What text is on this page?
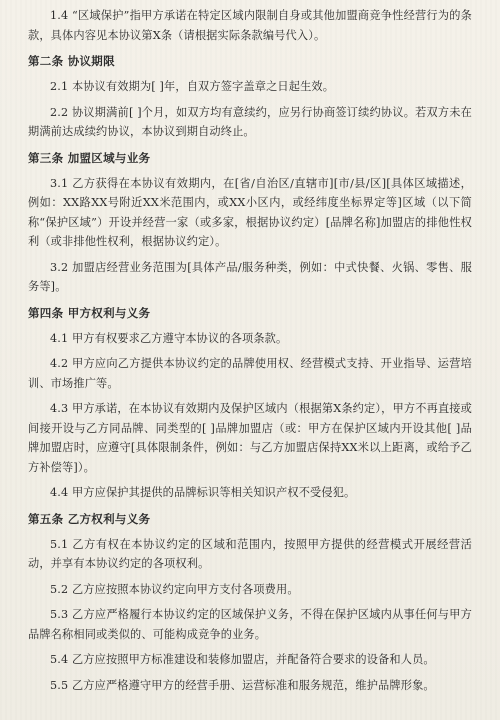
1.4 “区域保护”指甲方承诺在特定区域内限制自身或其他加盟商竞争性经营行为的条款，具体内容见本协议第X条（请根据实际条款编号代入）。

第二条 协议期限

2.1 本协议有效期为[ ]年，自双方签字盖章之日起生效。

2.2 协议期满前[ ]个月，如双方均有意续约，应另行协商签订续约协议。若双方未在期满前达成续约协议，本协议到期自动终止。

第三条 加盟区域与业务

3.1 乙方获得在本协议有效期内，在[省/自治区/直辖市][市/县/区][具体区域描述，例如：XX路XX号附近XX米范围内，或XX小区内，或经纬度坐标界定等]区域（以下简称“保护区域”）开设并经营一家（或多家，根据协议约定）[品牌名称]加盟店的排他性权利（或非排他性权利，根据协议约定）。

3.2 加盟店经营业务范围为[具体产品/服务种类，例如：中式快餐、火锅、零售、服务等]。

第四条 甲方权利与义务

4.1 甲方有权要求乙方遵守本协议的各项条款。

4.2 甲方应向乙方提供本协议约定的品牌使用权、经营模式支持、开业指导、运营培训、市场推广等。

4.3 甲方承诺，在本协议有效期内及保护区域内（根据第X条约定），甲方不再直接或间接开设与乙方同品牌、同类型的[ ]品牌加盟店（或：甲方在保护区域内开设其他[ ]品牌加盟店时，应遵守[具体限制条件，例如：与乙方加盟店保持XX米以上距离，或给予乙方补偿等]）。

4.4 甲方应保护其提供的品牌标识等相关知识产权不受侵犯。

第五条 乙方权利与义务

5.1 乙方有权在本协议约定的区域和范围内，按照甲方提供的经营模式开展经营活动，并享有本协议约定的各项权利。

5.2 乙方应按照本协议约定向甲方支付各项费用。

5.3 乙方应严格履行本协议约定的区域保护义务，不得在保护区域内从事任何与甲方品牌名称相同或类似的、可能构成竞争的业务。

5.4 乙方应按照甲方标准建设和装修加盟店，并配备符合要求的设备和人员。

5.5 乙方应严格遵守甲方的经营手册、运营标准和服务规范，维护品牌形象。
